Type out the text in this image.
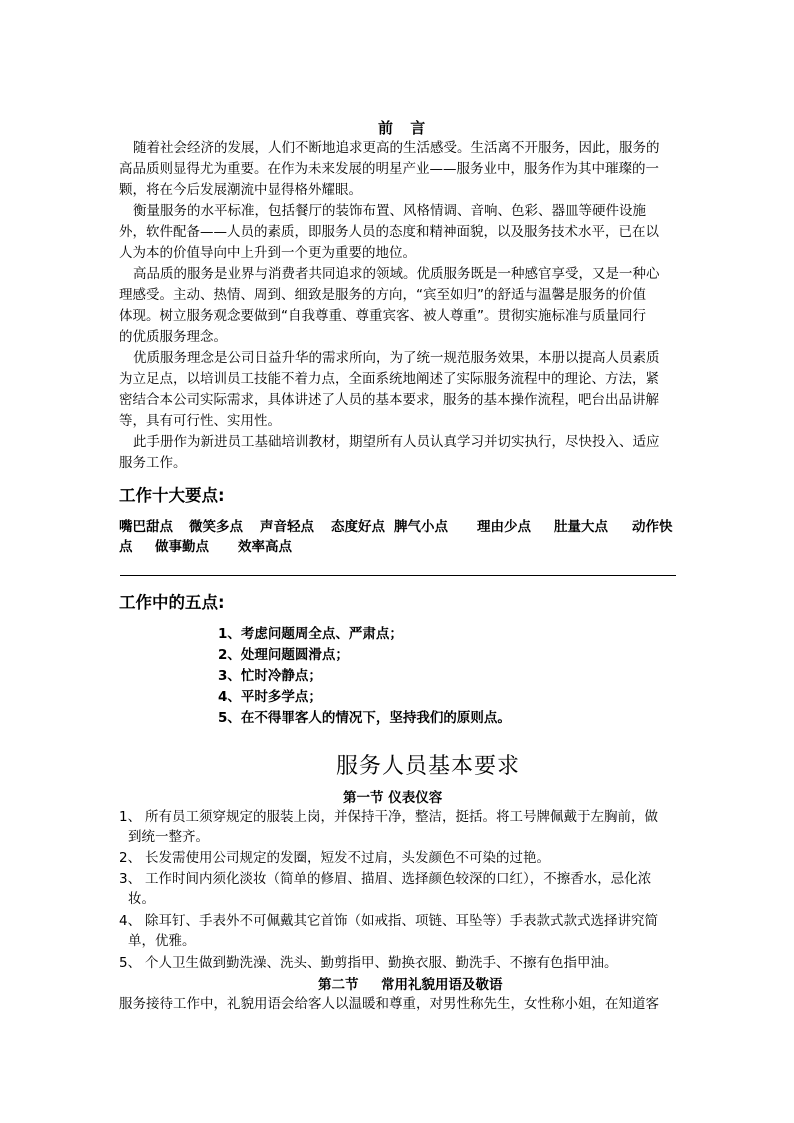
前 言
随着社会经济的发展，人们不断地追求更高的生活感受。生活离不开服务，因此，服务的
高品质则显得尤为重要。在作为未来发展的明星产业——服务业中，服务作为其中璀璨的一
颗，将在今后发展潮流中显得格外耀眼。
衡量服务的水平标准，包括餐厅的装饰布置、风格情调、音响、色彩、器皿等硬件设施
外，软件配备——人员的素质，即服务人员的态度和精神面貌，以及服务技术水平，已在以
人为本的价值导向中上升到一个更为重要的地位。
高品质的服务是业界与消费者共同追求的领域。优质服务既是一种感官享受，又是一种心
理感受。主动、热情、周到、细致是服务的方向，“宾至如归”的舒适与温馨是服务的价值
体现。树立服务观念要做到“自我尊重、尊重宾客、被人尊重”。贯彻实施标准与质量同行
的优质服务理念。
优质服务理念是公司日益升华的需求所向，为了统一规范服务效果，本册以提高人员素质
为立足点，以培训员工技能不着力点，全面系统地阐述了实际服务流程中的理论、方法，紧
密结合本公司实际需求，具体讲述了人员的基本要求，服务的基本操作流程，吧台出品讲解
等，具有可行性、实用性。
此手册作为新进员工基础培训教材，期望所有人员认真学习并切实执行，尽快投入、适应
服务工作。
工作十大要点:
嘴巴甜点 微笑多点 声音轻点 态度好点 脾气小点 理由少点 肚量大点 动作快
点 做事勤点 效率高点
工作中的五点:
1、考虑问题周全点、严肃点；
2、处理问题圆滑点；
3、忙时冷静点；
4、平时多学点；
5、在不得罪客人的情况下，坚持我们的原则点。
服务人员基本要求
第一节 仪表仪容
1、 所有员工须穿规定的服装上岗，并保持干净，整洁，挺括。将工号牌佩戴于左胸前，做
到统一整齐。
2、 长发需使用公司规定的发圈，短发不过肩，头发颜色不可染的过艳。
3、 工作时间内须化淡妆（简单的修眉、描眉、选择颜色较深的口红），不擦香水，忌化浓
妆。
4、 除耳钉、手表外不可佩戴其它首饰（如戒指、项链、耳坠等）手表款式款式选择讲究简
单，优雅。
5、 个人卫生做到勤洗澡、洗头、勤剪指甲、勤换衣服、勤洗手、不擦有色指甲油。
第二节 常用礼貌用语及敬语
服务接待工作中，礼貌用语会给客人以温暖和尊重，对男性称先生，女性称小姐，在知道客
